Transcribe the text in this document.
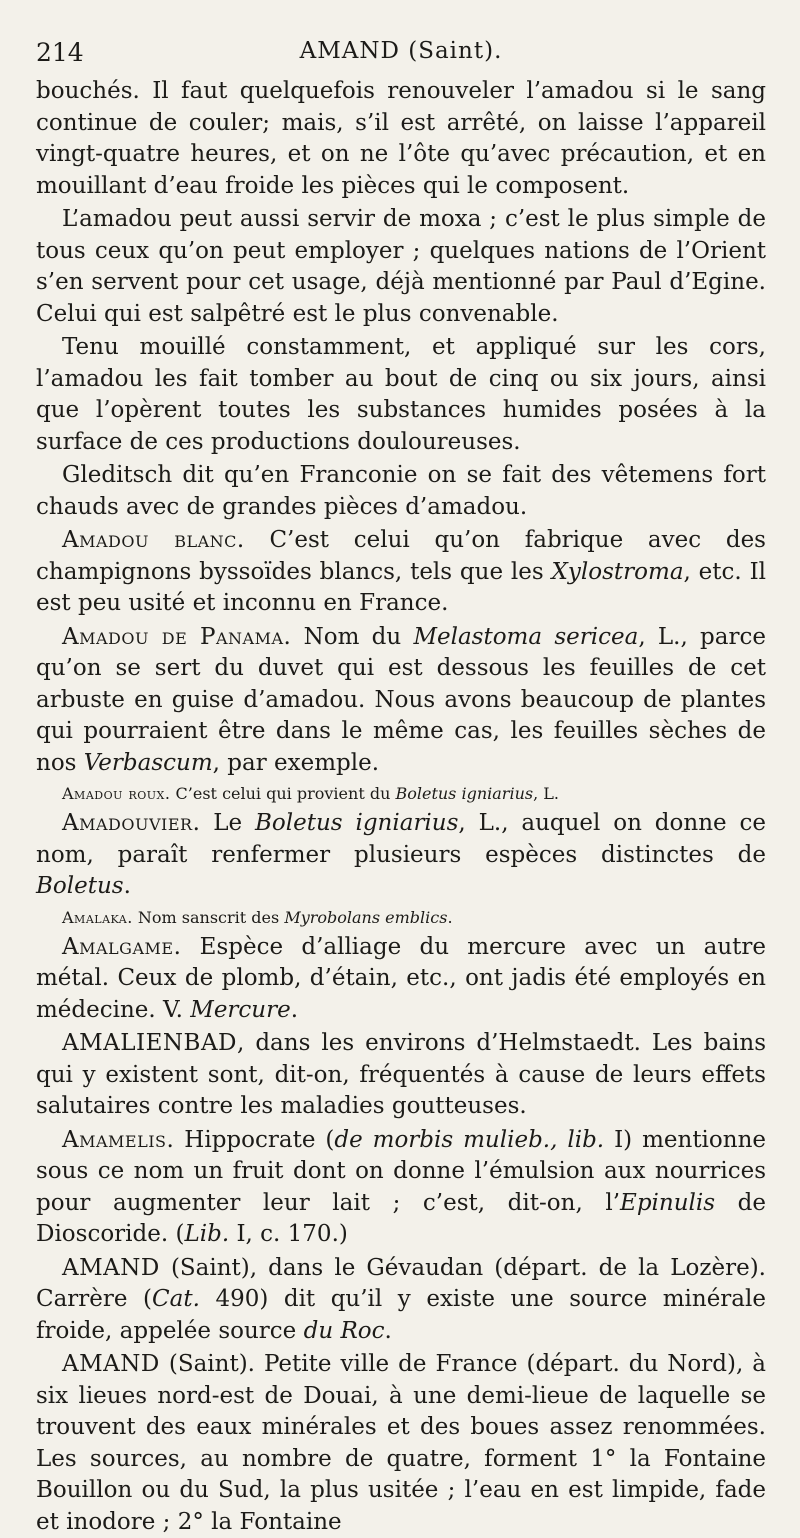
214	AMAND (Saint).

bouchés. Il faut quelquefois renouveler l’amadou si le sang continue de couler; mais, s’il est arrêté, on laisse l’appareil vingt-quatre heures, et on ne l’ôte qu’avec précaution, et en mouillant d’eau froide les pièces qui le composent.

L’amadou peut aussi servir de moxa ; c’est le plus simple de tous ceux qu’on peut employer ; quelques nations de l’Orient s’en servent pour cet usage, déjà mentionné par Paul d’Egine. Celui qui est salpêtré est le plus convenable.

Tenu mouillé constamment, et appliqué sur les cors, l’amadou les fait tomber au bout de cinq ou six jours, ainsi que l’opèrent toutes les substances humides posées à la surface de ces productions douloureuses.

Gleditsch dit qu’en Franconie on se fait des vêtemens fort chauds avec de grandes pièces d’amadou.

Amadou blanc. C’est celui qu’on fabrique avec des champignons byssoïdes blancs, tels que les Xylostroma, etc. Il est peu usité et inconnu en France.

Amadou de Panama. Nom du Melastoma sericea, L., parce qu’on se sert du duvet qui est dessous les feuilles de cet arbuste en guise d’amadou. Nous avons beaucoup de plantes qui pourraient être dans le même cas, les feuilles sèches de nos Verbascum, par exemple.

Amadou roux. C’est celui qui provient du Boletus igniarius, L.

Amadouvier. Le Boletus igniarius, L., auquel on donne ce nom, paraît renfermer plusieurs espèces distinctes de Boletus.

Amalaka. Nom sanscrit des Myrobolans emblics.

Amalgame. Espèce d’alliage du mercure avec un autre métal. Ceux de plomb, d’étain, etc., ont jadis été employés en médecine. V. Mercure.

AMALIENBAD, dans les environs d’Helmstaedt. Les bains qui y existent sont, dit-on, fréquentés à cause de leurs effets salutaires contre les maladies goutteuses.

Amamelis. Hippocrate (de morbis mulieb., lib. I) mentionne sous ce nom un fruit dont on donne l’émulsion aux nourrices pour augmenter leur lait ; c’est, dit-on, l’Epinulis de Dioscoride. (Lib. I, c. 170.)

AMAND (Saint), dans le Gévaudan (départ. de la Lozère). Carrère (Cat. 490) dit qu’il y existe une source minérale froide, appelée source du Roc.

AMAND (Saint). Petite ville de France (départ. du Nord), à six lieues nord-est de Douai, à une demi-lieue de laquelle se trouvent des eaux minérales et des boues assez renommées. Les sources, au nombre de quatre, forment 1° la Fontaine Bouillon ou du Sud, la plus usitée ; l’eau en est limpide, fade et inodore ; 2° la Fontaine
